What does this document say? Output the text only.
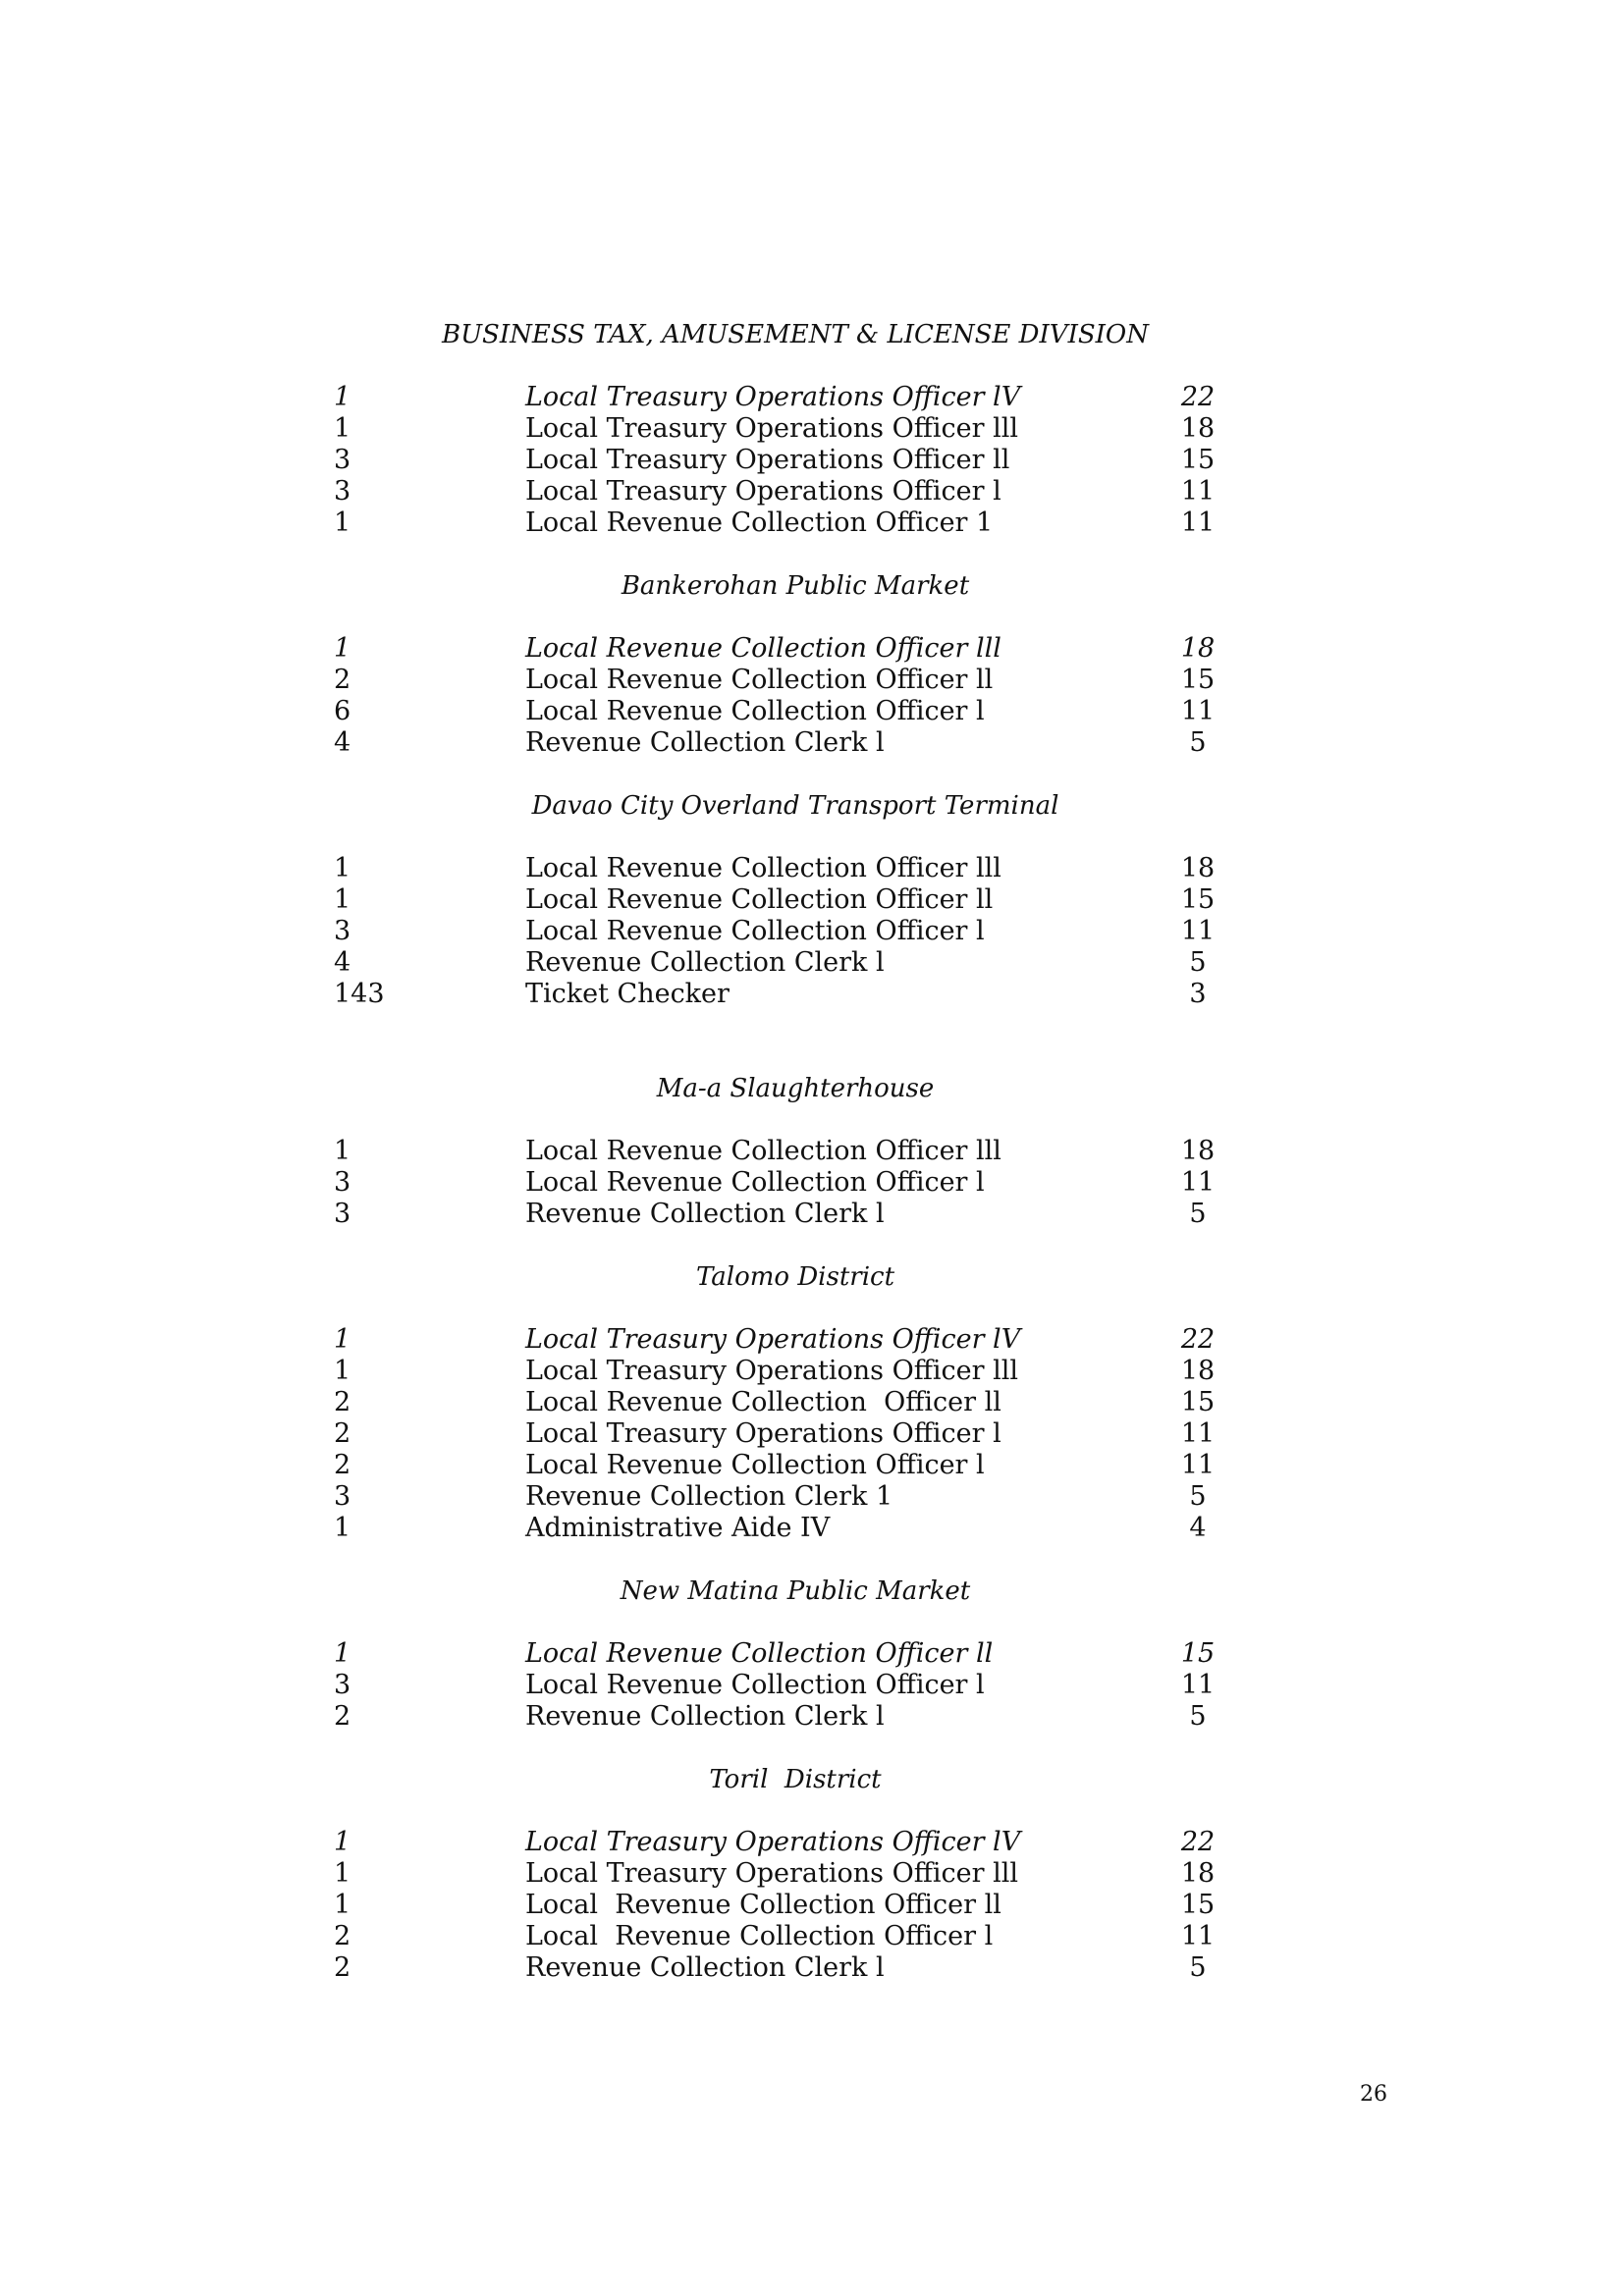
BUSINESS TAX, AMUSEMENT & LICENSE DIVISION
1	Local Treasury Operations Officer lV	22
1	Local Treasury Operations Officer lll	18
3	Local Treasury Operations Officer ll	15
3	Local Treasury Operations Officer l	11
1	Local Revenue Collection Officer 1	11
Bankerohan Public Market
1	Local Revenue Collection Officer lll	18
2	Local Revenue Collection Officer ll	15
6	Local Revenue Collection Officer l	11
4	Revenue Collection Clerk l	5
Davao City Overland Transport Terminal
1	Local Revenue Collection Officer lll	18
1	Local Revenue Collection Officer ll	15
3	Local Revenue Collection Officer l	11
4	Revenue Collection Clerk l	5
143	Ticket Checker	3
Ma-a Slaughterhouse
1	Local Revenue Collection Officer lll	18
3	Local Revenue Collection Officer l	11
3	Revenue Collection Clerk l	5
Talomo District
1	Local Treasury Operations Officer lV	22
1	Local Treasury Operations Officer lll	18
2	Local Revenue Collection  Officer ll	15
2	Local Treasury Operations Officer l	11
2	Local Revenue Collection Officer l	11
3	Revenue Collection Clerk 1	5
1	Administrative Aide IV	4
New Matina Public Market
1	Local Revenue Collection Officer ll	15
3	Local Revenue Collection Officer l	11
2	Revenue Collection Clerk l	5
Toril  District
1	Local Treasury Operations Officer lV	22
1	Local Treasury Operations Officer lll	18
1	Local  Revenue Collection Officer ll	15
2	Local  Revenue Collection Officer l	11
2	Revenue Collection Clerk l	5
26
